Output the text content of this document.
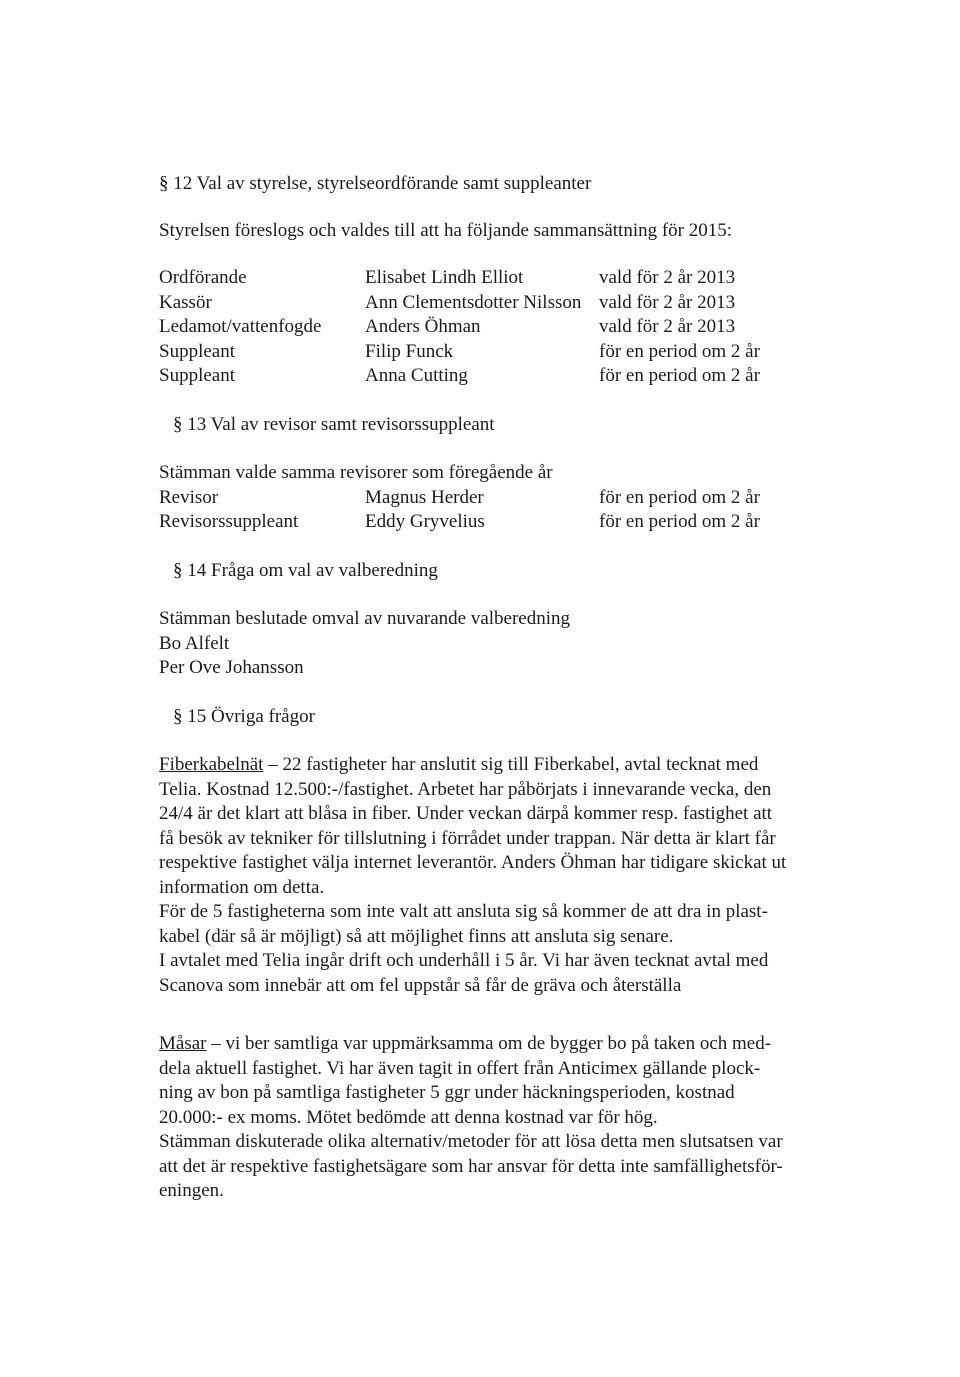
§ 12 Val av styrelse, styrelseordförande samt suppleanter

Styrelsen föreslogs och valdes till att ha följande sammansättning för 2015:

Ordförande	Elisabet Lindh Elliot	vald för 2 år 2013
Kassör	Ann Clementsdotter Nilsson vald för 2 år 2013
Ledamot/vattenfogde	Anders Öhman	vald för 2 år 2013
Suppleant	Filip Funck	för en period om 2 år
Suppleant	Anna Cutting	för en period om 2 år

§ 13 Val av revisor samt revisorssuppleant

Stämman valde samma revisorer som föregående år

Revisor	Magnus Herder	för en period om 2 år
Revisorssuppleant	Eddy Gryvelius	för en period om 2 år

§ 14 Fråga om val av valberedning

Stämman beslutade omval av nuvarande valberedning

Bo Alfelt

Per Ove Johansson

§ 15 Övriga frågor

Fiberkabelnät – 22 fastigheter har anslutit sig till Fiberkabel, avtal tecknat med

Telia. Kostnad 12.500:-/fastighet. Arbetet har påbörjats i innevarande vecka, den

24/4 är det klart att blåsa in fiber. Under veckan därpå kommer resp. fastighet att

få besök av tekniker för tillslutning i förrådet under trappan. När detta är klart får

respektive fastighet välja internet leverantör. Anders Öhman har tidigare skickat ut

information om detta.

För de 5 fastigheterna som inte valt att ansluta sig så kommer de att dra in plast-

kabel (där så är möjligt) så att möjlighet finns att ansluta sig senare.

I avtalet med Telia ingår drift och underhåll i 5 år. Vi har även tecknat avtal med

Scanova som innebär att om fel uppstår så får de gräva och återställa

Måsar – vi ber samtliga var uppmärksamma om de bygger bo på taken och med-

dela aktuell fastighet. Vi har även tagit in offert från Anticimex gällande plock-

ning av bon på samtliga fastigheter 5 ggr under häckningsperioden, kostnad

20.000:- ex moms. Mötet bedömde att denna kostnad var för hög.

Stämman diskuterade olika alternativ/metoder för att lösa detta men slutsatsen var

att det är respektive fastighetsägare som har ansvar för detta inte samfällighetsför-

eningen.
